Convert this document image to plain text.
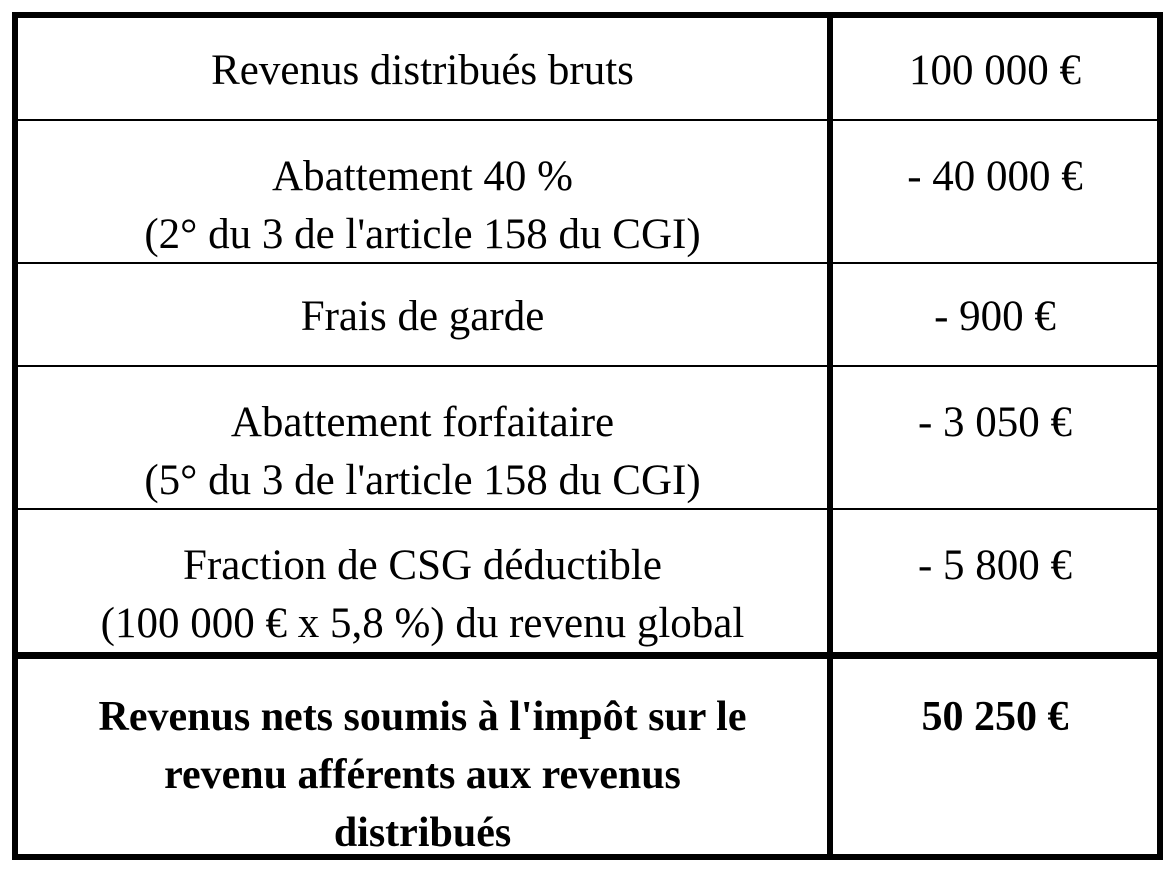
Revenus distribués bruts	100 000 €
Abattement 40 %
(2° du 3 de l'article 158 du CGI)
- 40 000 €
Frais de garde	- 900 €
Abattement forfaitaire
(5° du 3 de l'article 158 du CGI)
- 3 050 €
Fraction de CSG déductible
(100 000 € x 5,8 %) du revenu global
- 5 800 €
Revenus nets soumis à l'impôt sur le
revenu afférents aux revenus
distribués
50 250 €
